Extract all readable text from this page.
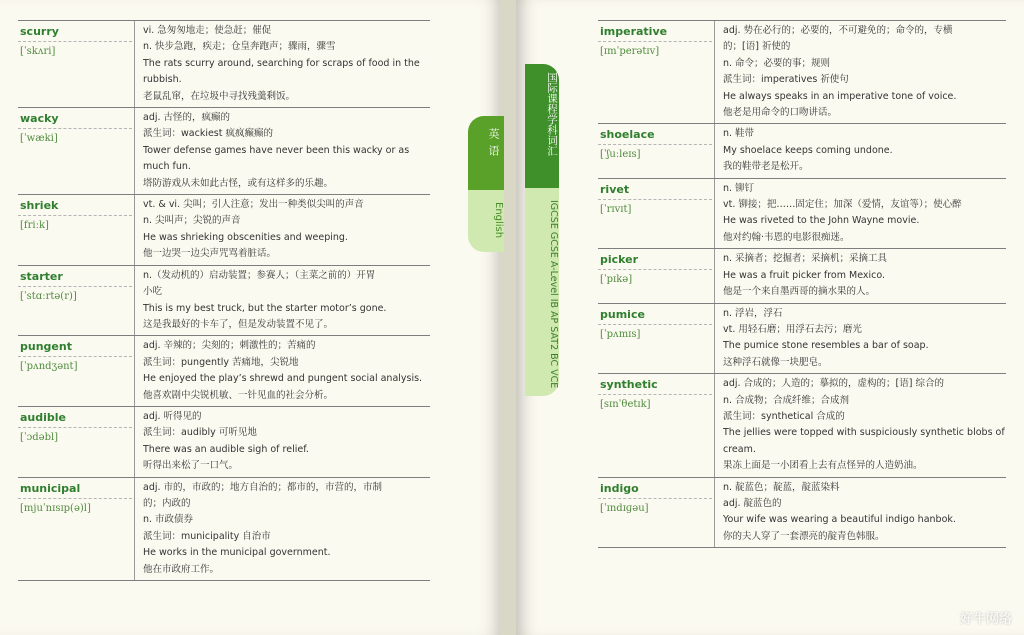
scurry
[ˈskʌri]
vi. 急匆匆地走；使急赶；催促
n. 快步急跑，疾走；仓皇奔跑声；骤雨，骤雪
The rats scurry around, searching for scraps of food in the
rubbish.
老鼠乱窜，在垃圾中寻找残羹剩饭。
wacky
[ˈwæki]
adj. 古怪的，疯癫的
派生词：wackiest 疯疯癫癫的
Tower defense games have never been this wacky or as
much fun.
塔防游戏从未如此古怪，或有这样多的乐趣。
shriek
[friːk]
vt. & vi. 尖叫；引人注意；发出一种类似尖叫的声音
n. 尖叫声；尖锐的声音
He was shrieking obscenities and weeping.
他一边哭一边尖声咒骂着脏话。
starter
[ˈstɑːrtə(r)]
n.（发动机的）启动装置；参赛人；（主菜之前的）开胃
小吃
This is my best truck, but the starter motor’s gone.
这是我最好的卡车了，但是发动装置不见了。
pungent
[ˈpʌndʒənt]
adj. 辛辣的；尖刻的；刺激性的；苦痛的
派生词：pungently 苦痛地，尖锐地
He enjoyed the play’s shrewd and pungent social analysis.
他喜欢剧中尖锐机敏、一针见血的社会分析。
audible
[ˈɔdəbl]
adj. 听得见的
派生词：audibly 可听见地
There was an audible sigh of relief.
听得出来松了一口气。
municipal
[mjuˈnɪsɪp(ə)l]
adj. 市的，市政的；地方自治的；都市的，市营的，市制
的；内政的
n. 市政债券
派生词：municipality 自治市
He works in the municipal government.
他在市政府工作。
imperative
[ɪmˈperətɪv]
adj. 势在必行的；必要的，不可避免的；命令的，专横
的；[语] 祈使的
n. 命令；必要的事；规则
派生词：imperatives 祈使句
He always speaks in an imperative tone of voice.
他老是用命令的口吻讲话。
shoelace
[ˈʃuːleɪs]
n. 鞋带
My shoelace keeps coming undone.
我的鞋带老是松开。
rivet
[ˈrɪvɪt]
n. 铆钉
vt. 铆接；把……固定住；加深（爱情，友谊等）；使心醉
He was riveted to the John Wayne movie.
他对约翰·韦恩的电影很痴迷。
picker
[ˈpɪkə]
n. 采摘者；挖掘者；采摘机；采摘工具
He was a fruit picker from Mexico.
他是一个来自墨西哥的摘水果的人。
pumice
[ˈpʌmɪs]
n. 浮岩，浮石
vt. 用轻石磨；用浮石去污；磨光
The pumice stone resembles a bar of soap.
这种浮石就像一块肥皂。
synthetic
[sɪnˈθetɪk]
adj. 合成的；人造的；摹拟的，虚构的；[语] 综合的
n. 合成物；合成纤维；合成剂
派生词：synthetical 合成的
The jellies were topped with suspiciously synthetic blobs of
cream.
果冻上面是一小团看上去有点怪异的人造奶油。
indigo
[ˈɪndɪɡəu]
n. 靛蓝色；靛蓝，靛蓝染料
adj. 靛蓝色的
Your wife was wearing a beautiful indigo hanbok.
你的夫人穿了一套漂亮的靛青色韩服。
英语
English
国际课程学科词汇
IGCSE GCSE A-Level IB AP SAT2 BC VCE
好牛网络
